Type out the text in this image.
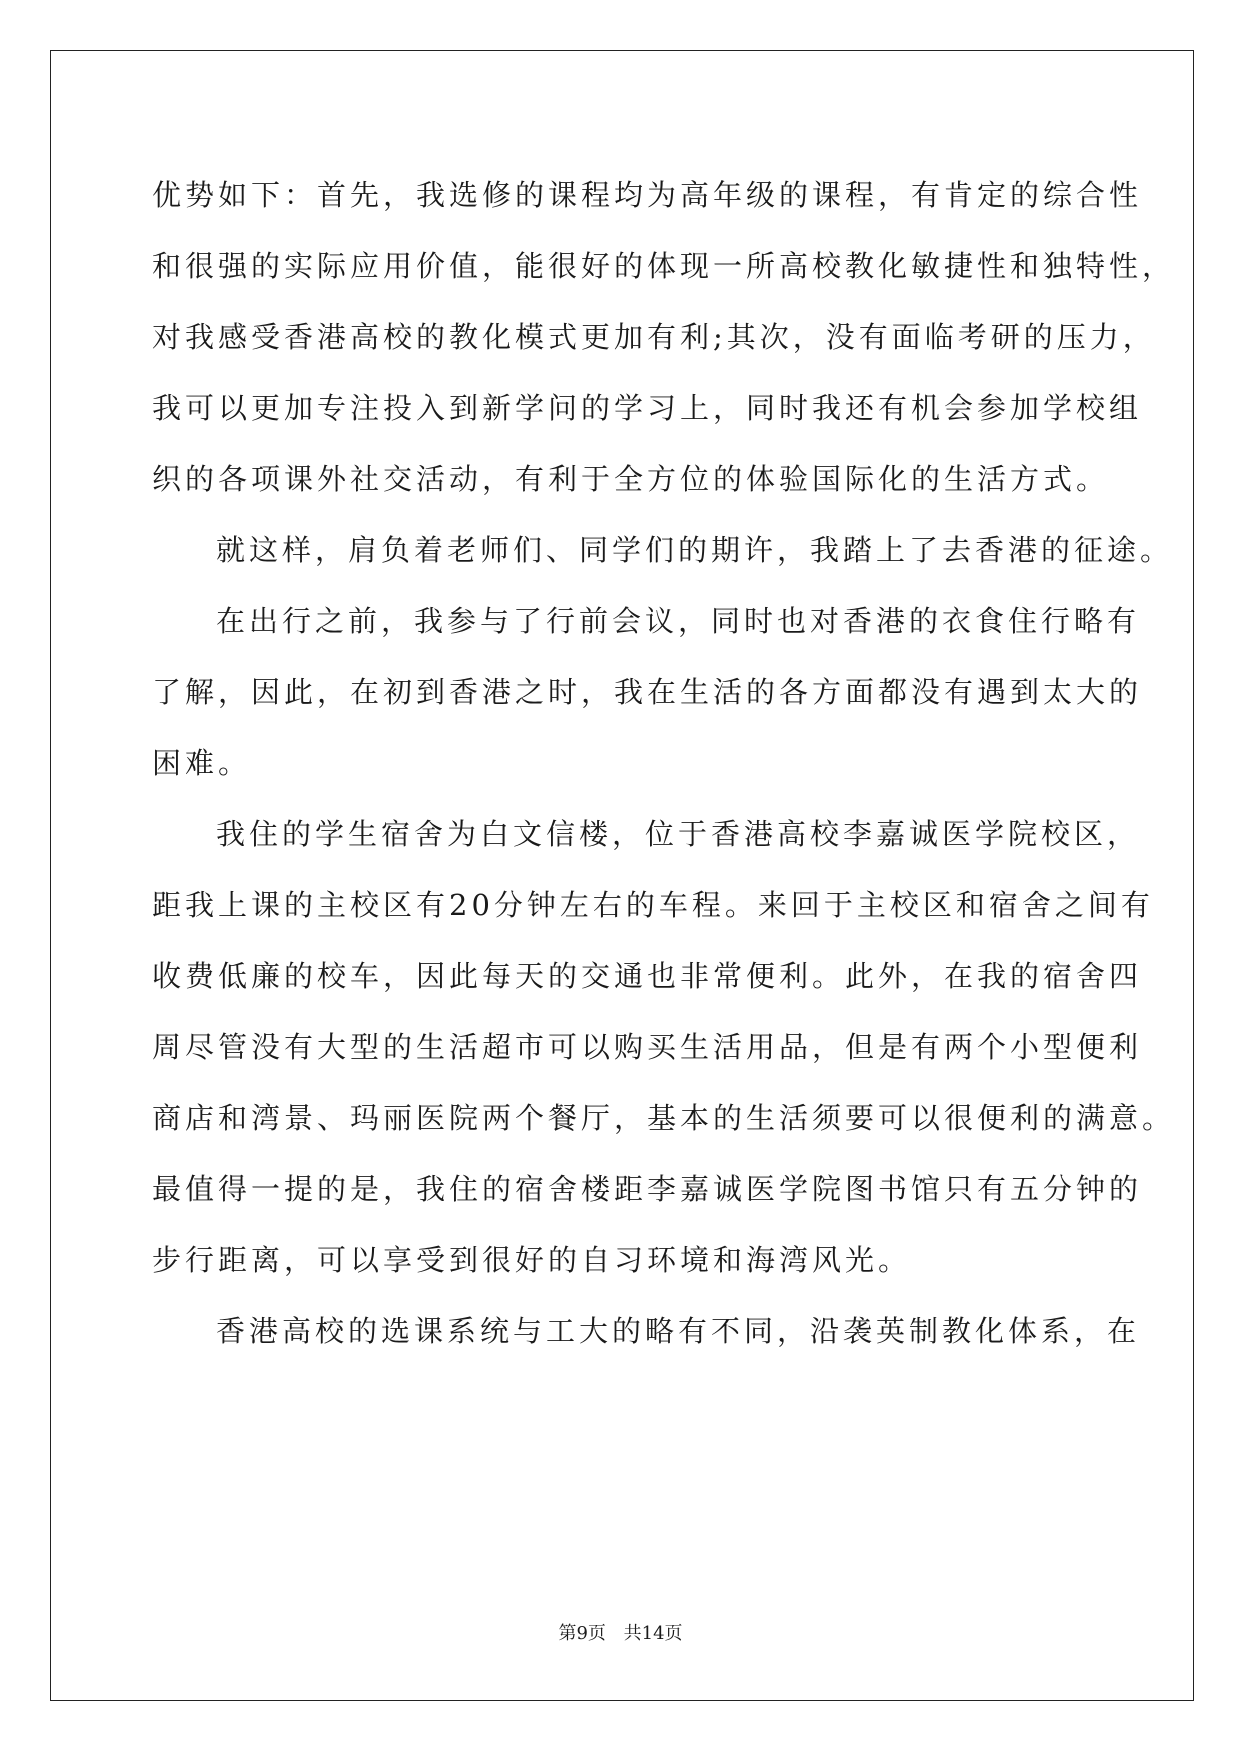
优势如下：首先，我选修的课程均为高年级的课程，有肯定的综合性
和很强的实际应用价值，能很好的体现一所高校教化敏捷性和独特性，
对我感受香港高校的教化模式更加有利;其次，没有面临考研的压力，
我可以更加专注投入到新学问的学习上，同时我还有机会参加学校组
织的各项课外社交活动，有利于全方位的体验国际化的生活方式。
就这样，肩负着老师们、同学们的期许，我踏上了去香港的征途。
在出行之前，我参与了行前会议，同时也对香港的衣食住行略有
了解，因此，在初到香港之时，我在生活的各方面都没有遇到太大的
困难。
我住的学生宿舍为白文信楼，位于香港高校李嘉诚医学院校区，
距我上课的主校区有20分钟左右的车程。来回于主校区和宿舍之间有
收费低廉的校车，因此每天的交通也非常便利。此外，在我的宿舍四
周尽管没有大型的生活超市可以购买生活用品，但是有两个小型便利
商店和湾景、玛丽医院两个餐厅，基本的生活须要可以很便利的满意。
最值得一提的是，我住的宿舍楼距李嘉诚医学院图书馆只有五分钟的
步行距离，可以享受到很好的自习环境和海湾风光。
香港高校的选课系统与工大的略有不同，沿袭英制教化体系，在
第9页 共14页
